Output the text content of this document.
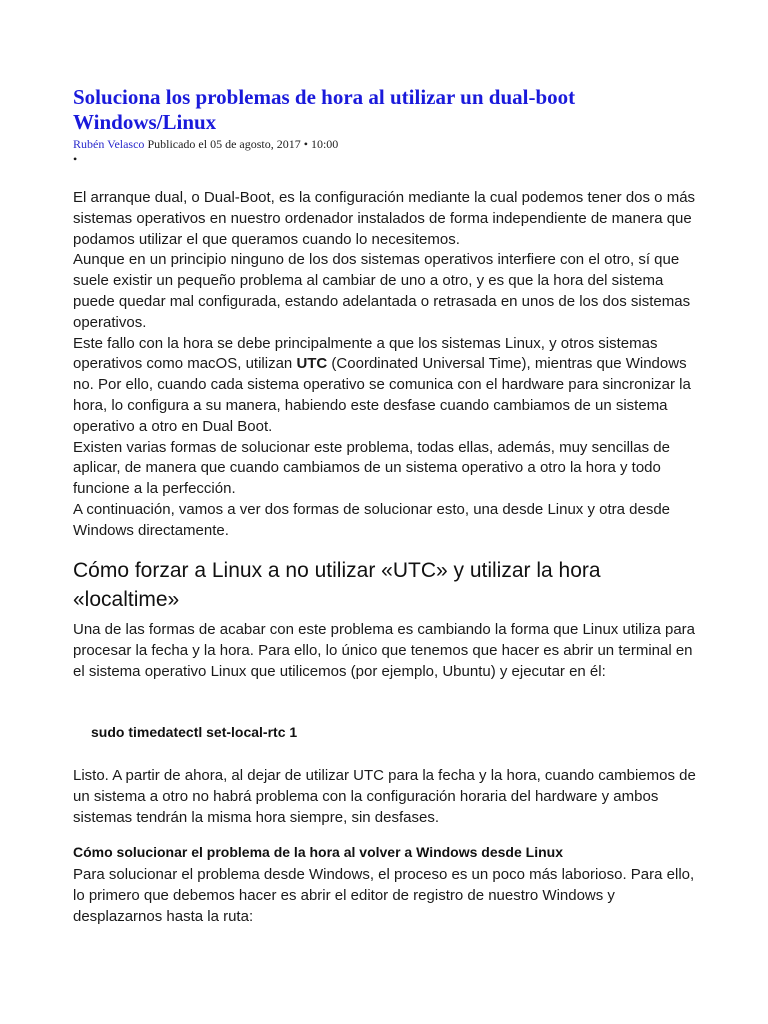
Soluciona los problemas de hora al utilizar un dual-boot Windows/Linux
Rubén Velasco Publicado el 05 de agosto, 2017 • 10:00
•

El arranque dual, o Dual-Boot, es la configuración mediante la cual podemos tener dos o más sistemas operativos en nuestro ordenador instalados de forma independiente de manera que podamos utilizar el que queramos cuando lo necesitemos.

Aunque en un principio ninguno de los dos sistemas operativos interfiere con el otro, sí que suele existir un pequeño problema al cambiar de uno a otro, y es que la hora del sistema puede quedar mal configurada, estando adelantada o retrasada en unos de los dos sistemas operativos.

Este fallo con la hora se debe principalmente a que los sistemas Linux, y otros sistemas operativos como macOS, utilizan UTC (Coordinated Universal Time), mientras que Windows no. Por ello, cuando cada sistema operativo se comunica con el hardware para sincronizar la hora, lo configura a su manera, habiendo este desfase cuando cambiamos de un sistema operativo a otro en Dual Boot.

Existen varias formas de solucionar este problema, todas ellas, además, muy sencillas de aplicar, de manera que cuando cambiamos de un sistema operativo a otro la hora y todo funcione a la perfección.

A continuación, vamos a ver dos formas de solucionar esto, una desde Linux y otra desde Windows directamente.

Cómo forzar a Linux a no utilizar «UTC» y utilizar la hora «localtime»

Una de las formas de acabar con este problema es cambiando la forma que Linux utiliza para procesar la fecha y la hora. Para ello, lo único que tenemos que hacer es abrir un terminal en el sistema operativo Linux que utilicemos (por ejemplo, Ubuntu) y ejecutar en él:

sudo timedatectl set-local-rtc 1

Listo. A partir de ahora, al dejar de utilizar UTC para la fecha y la hora, cuando cambiemos de un sistema a otro no habrá problema con la configuración horaria del hardware y ambos sistemas tendrán la misma hora siempre, sin desfases.

Cómo solucionar el problema de la hora al volver a Windows desde Linux

Para solucionar el problema desde Windows, el proceso es un poco más laborioso. Para ello, lo primero que debemos hacer es abrir el editor de registro de nuestro Windows y desplazarnos hasta la ruta:
